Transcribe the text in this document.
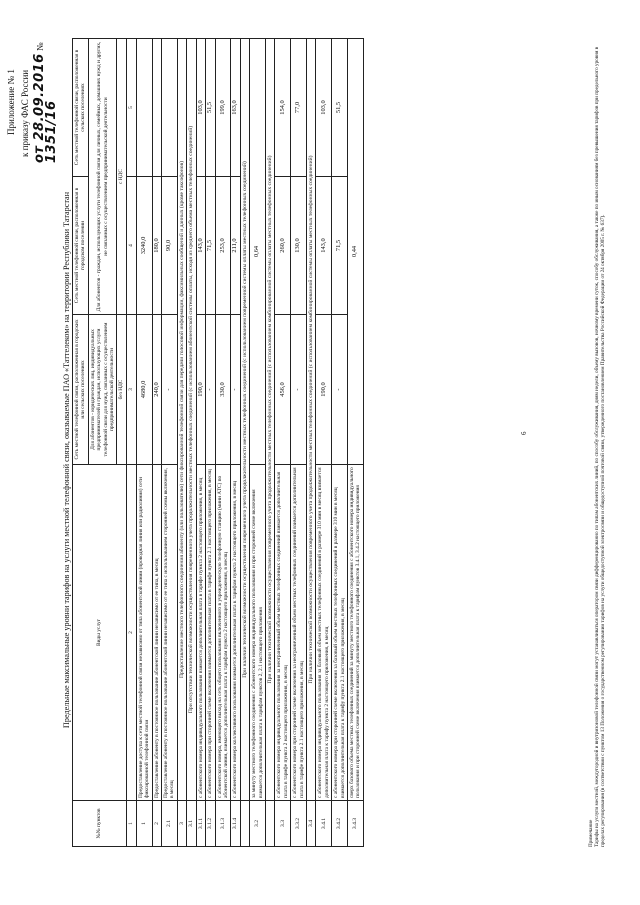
Приложение № 1 к приказу ФАС России от 28.09.2016 № 1351/16
Предельные максимальные уровни тарифов на услуги местной телефонной связи, оказываемые ПАО «Таттелеком» на территории Республики Татарстан
№№ пунктов	Виды услуг	Сеть местной телефонной связи, расположенная в городских или сельских поселениях	Сеть местной телефонной связи, расположенная в городском поселении	Сеть местной телефонной связи, расположенная в сельских поселениях
		Для абонентов - юридических лиц, индивидуальных предпринимателей и граждан, использующих услуги телефонной связи для нужд, связанных с осуществлением предпринимательской деятельности	Для абонентов - граждан, использующих услуги телефонной связи для личных, семейных, домашних нужд и других, не связанных с осуществлением предпринимательской деятельности	
		без НДС	с НДС	
1	2	3	4	5
1	Предоставление доступа к сети местной телефонной связи независимо от типа абонентской линии (проводная линия или радиолиния) сети фиксированной телефонной связи	4680,0	3240,0	
2	Предоставление абоненту в постоянное пользование абонентской линии независимо от ее типа, в месяц	240,0	180,0	
2.1	Предоставление абоненту в постоянное пользование абонентской линии независимо от ее типа с использованием сторонней схемы включения, в месяц	-	90,0	
3	Предоставление местного телефонного соединения абоненту (или пользователю) сети фиксированной телефонной связи для передачи голосовой информации, факсимильных сообщений и данных (кроме таксофонов)			
3.1	При отсутствии технической возможности осуществления повременного учета продолжительности местных телефонных соединений (с использованием абонентской системы оплаты, исходя из среднего объема местных телефонных соединений)			
3.1.1	с абонентского номера индивидуального пользования взимается дополнительная плата в тарифе пункта 2 настоящего приложения, в месяц	190,0	143,0	103,0
3.1.2	с абонентского номера при сторонней схеме включения взимается дополнительная плата в тарифе пункта 2.1 настоящего приложения, в месяц	-	71,5	51,5
3.1.3	с абонентского номера, имеющего выход на сеть общего пользования включенного в учрежденческую телефонную станцию (мини АТС) по абонентской линии, взимается дополнительная плата к тарифам пункта 2 настоящего приложения, в месяц	330,0	253,0	199,0
3.1.4	с абонентского номера коллективного пользования взимается дополнительная плата к тарифам пункта 2 настоящего приложения, в месяц	-	211,0	163,0
	При наличии технической возможности осуществления повременного учета продолжительности местных телефонных соединений (с использованием повременной системы оплаты местных телефонных соединений)			
3.2	за минуту местного телефонного соединения с абонентского номера индивидуального пользования и при сторонней схеме включения взимается дополнительная плата к тарифам пунктов 2, 2.1 настоящего приложения	0,64		
	При наличии технической возможности осуществления повременного учета продолжительности местных телефонных соединений (с использованием комбинированной системы оплаты местных телефонных соединений)			
3.3	с абонентского номера индивидуального пользования за неограниченный объем местных телефонных соединений взимается дополнительная плата в тарифе пункта 2 настоящего приложения, в месяц	456,0	260,0	154,0
3.3.2	с абонентского номера при сторонней схеме включения за неограниченный объем местных телефонных соединений взимается дополнительная плата в тарифе пункта 2.1 настоящего приложения, в месяц	-	130,0	77,0
3.4	При наличии технической возможности осуществления повременного учета продолжительности местных телефонных соединений (с использованием комбинированной системы оплаты местных телефонных соединений)			
3.4.1	с абонентского номера индивидуального пользования за базовый объем местных телефонных соединений в размере 310 мин в месяц взимается дополнительная плата к тарифу пункта 2 настоящего приложения, в месяц	190,0	143,0	103,0
3.4.2	с абонентского номера при сторонней схеме включения за базовый объем местных телефонных соединений в размере 310 мин в месяц взимается дополнительная плата к тарифу пункта 2.1 настоящего приложения, в месяц	-	71,5	51,5
3.4.3	сверх базового объема местных телефонных соединений за минуту местного телефонного соединения с абонентского номера индивидуального пользования и при сторонней схеме включения взимается дополнительная плата к тарифам пунктов 3.4.1, 3.4.2 настоящего приложения	0,44		
Примечание Тарифы на услуги местной, междугородной и внутризоновой телефонной связи могут устанавливаться оператором связи дифференцированно по типам абонентских линий, по способу обслуживания, дням недели, объему вызовов, ночному времени суток, способу обслуживания, а также по иным основаниям без превышения тарифов при предельного уровня в пределах регулирования (в соответствии с пунктом 13 Положения о государственном регулировании тарифов на услуги общедоступной электросвязи и общедоступной почтовой связи, утвержденного постановлением Правительства Российской Федерации от 24 октября 2005 г. № 637).
6
